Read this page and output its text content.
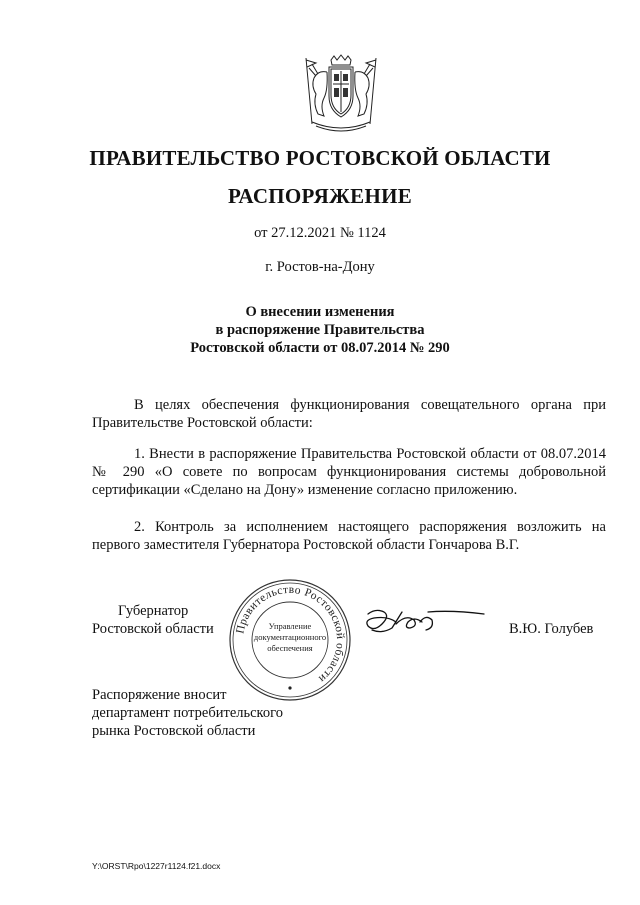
ПРАВИТЕЛЬСТВО РОСТОВСКОЙ ОБЛАСТИ
РАСПОРЯЖЕНИЕ
от 27.12.2021 № 1124
г. Ростов-на-Дону
О внесении изменения
в распоряжение Правительства
Ростовской области от 08.07.2014 № 290
В целях обеспечения функционирования совещательного органа при Правительстве Ростовской области:
1. Внести в распоряжение Правительства Ростовской области от 08.07.2014 № 290 «О совете по вопросам функционирования системы добровольной сертификации «Сделано на Дону» изменение согласно приложению.
2. Контроль за исполнением настоящего распоряжения возложить на первого заместителя Губернатора Ростовской области Гончарова В.Г.
Губернатор
Ростовской области Правительство Ростовской области
Управление
документационного
обеспечения
В.Ю. Голубев
Распоряжение вносит
департамент потребительского
рынка Ростовской области
Y:\ORST\Rpo\1227r1124.f21.docx
